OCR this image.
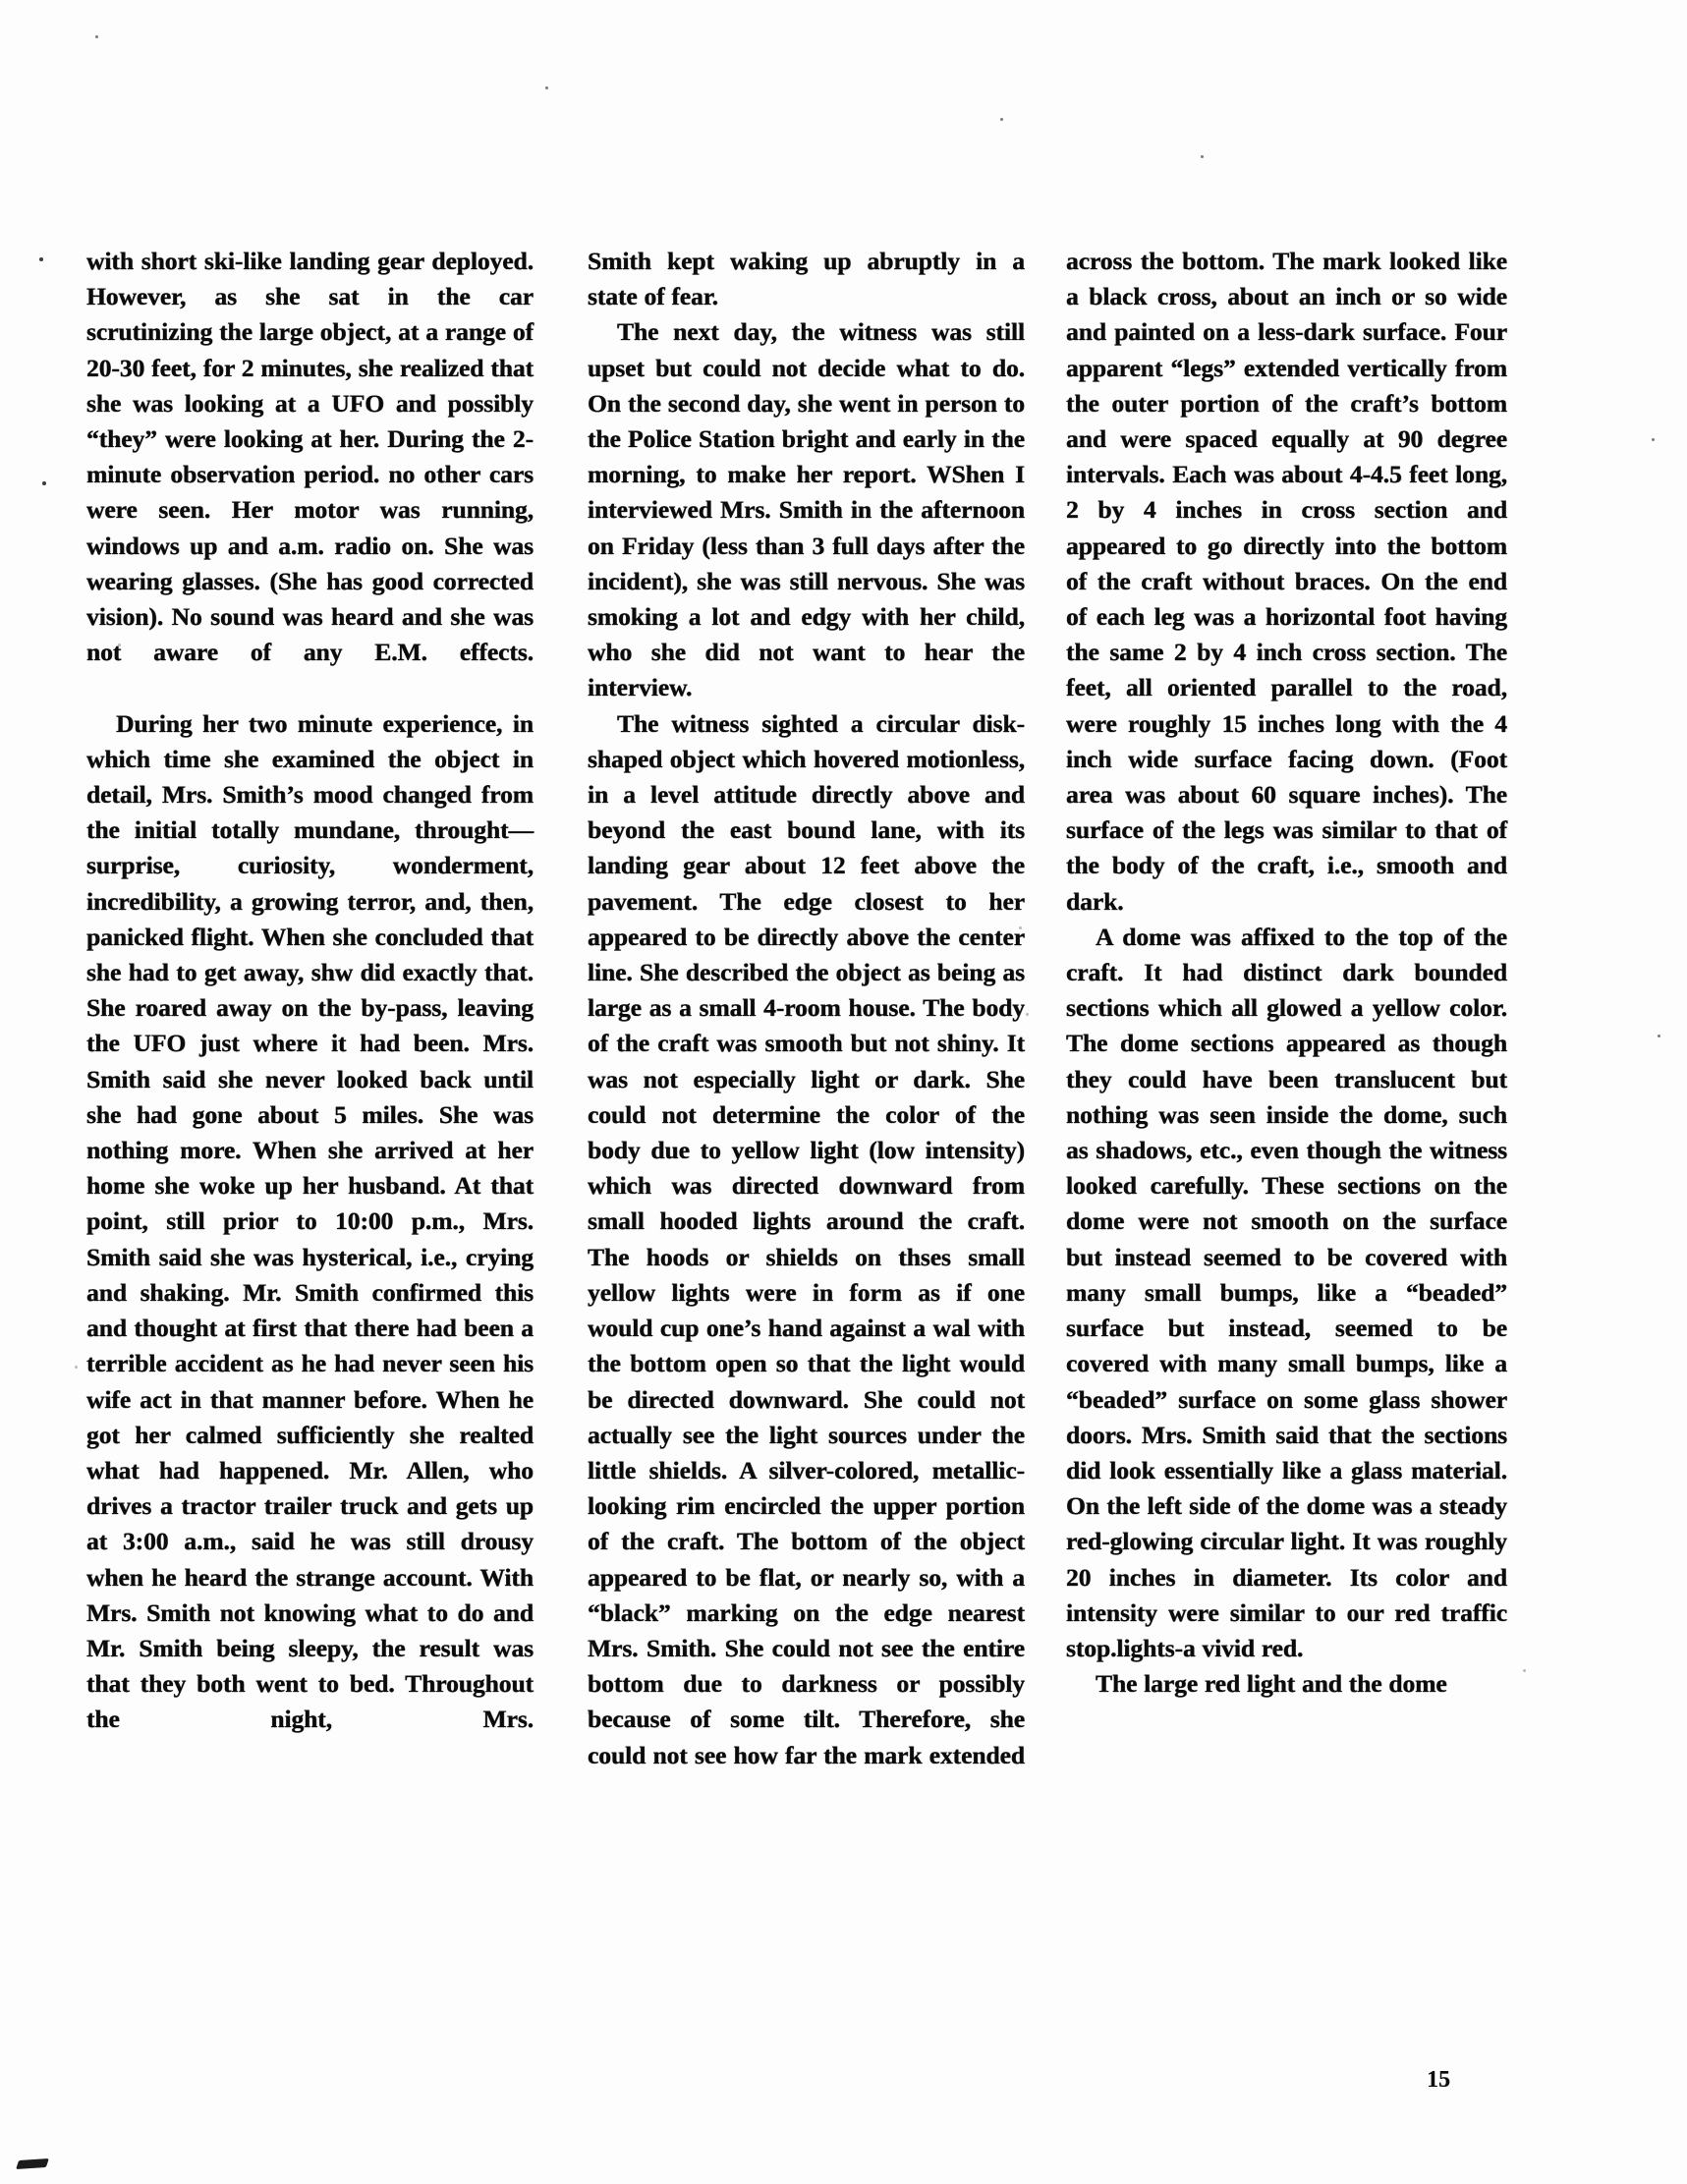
with short ski-like landing gear deployed. However, as she sat in the car scrutinizing the large object, at a range of 20-30 feet, for 2 minutes, she realized that she was looking at a UFO and possibly “they” were looking at her. During the 2-minute observation period. no other cars were seen. Her motor was running, windows up and a.m. radio on. She was wearing glasses. (She has good corrected vision). No sound was heard and she was not aware of any E.M. effects.

During her two minute experience, in which time she examined the object in detail, Mrs. Smith’s mood changed from the initial totally mundane, throught—surprise, curiosity, wonderment, incredibility, a growing terror, and, then, panicked flight. When she concluded that she had to get away, shw did exactly that. She roared away on the by-pass, leaving the UFO just where it had been. Mrs. Smith said she never looked back until she had gone about 5 miles. She was nothing more. When she arrived at her home she woke up her husband. At that point, still prior to 10:00 p.m., Mrs. Smith said she was hysterical, i.e., crying and shaking. Mr. Smith confirmed this and thought at first that there had been a terrible accident as he had never seen his wife act in that manner before. When he got her calmed sufficiently she realted what had happened. Mr. Allen, who drives a tractor trailer truck and gets up at 3:00 a.m., said he was still drousy when he heard the strange account. With Mrs. Smith not knowing what to do and Mr. Smith being sleepy, the result was that they both went to bed. Throughout the night, Mrs.

Smith kept waking up abruptly in a state of fear.

The next day, the witness was still upset but could not decide what to do. On the second day, she went in person to the Police Station bright and early in the morning, to make her report. WShen I interviewed Mrs. Smith in the afternoon on Friday (less than 3 full days after the incident), she was still nervous. She was smoking a lot and edgy with her child, who she did not want to hear the interview.

The witness sighted a circular disk-shaped object which hovered motionless, in a level attitude directly above and beyond the east bound lane, with its landing gear about 12 feet above the pavement. The edge closest to her appeared to be directly above the center line. She described the object as being as large as a small 4-room house. The body of the craft was smooth but not shiny. It was not especially light or dark. She could not determine the color of the body due to yellow light (low intensity) which was directed downward from small hooded lights around the craft. The hoods or shields on thses small yellow lights were in form as if one would cup one’s hand against a wal with the bottom open so that the light would be directed downward. She could not actually see the light sources under the little shields. A silver-colored, metallic-looking rim encircled the upper portion of the craft. The bottom of the object appeared to be flat, or nearly so, with a “black” marking on the edge nearest Mrs. Smith. She could not see the entire bottom due to darkness or possibly because of some tilt. Therefore, she could not see how far the mark extended

across the bottom. The mark looked like a black cross, about an inch or so wide and painted on a less-dark surface. Four apparent “legs” extended vertically from the outer portion of the craft’s bottom and were spaced equally at 90 degree intervals. Each was about 4-4.5 feet long, 2 by 4 inches in cross section and appeared to go directly into the bottom of the craft without braces. On the end of each leg was a horizontal foot having the same 2 by 4 inch cross section. The feet, all oriented parallel to the road, were roughly 15 inches long with the 4 inch wide surface facing down. (Foot area was about 60 square inches). The surface of the legs was similar to that of the body of the craft, i.e., smooth and dark.

A dome was affixed to the top of the craft. It had distinct dark bounded sections which all glowed a yellow color. The dome sections appeared as though they could have been translucent but nothing was seen inside the dome, such as shadows, etc., even though the witness looked carefully. These sections on the dome were not smooth on the surface but instead seemed to be covered with many small bumps, like a “beaded” surface but instead, seemed to be covered with many small bumps, like a “beaded” surface on some glass shower doors. Mrs. Smith said that the sections did look essentially like a glass material. On the left side of the dome was a steady red-glowing circular light. It was roughly 20 inches in diameter. Its color and intensity were similar to our red traffic stop.lights-a vivid red.

The large red light and the dome

15
